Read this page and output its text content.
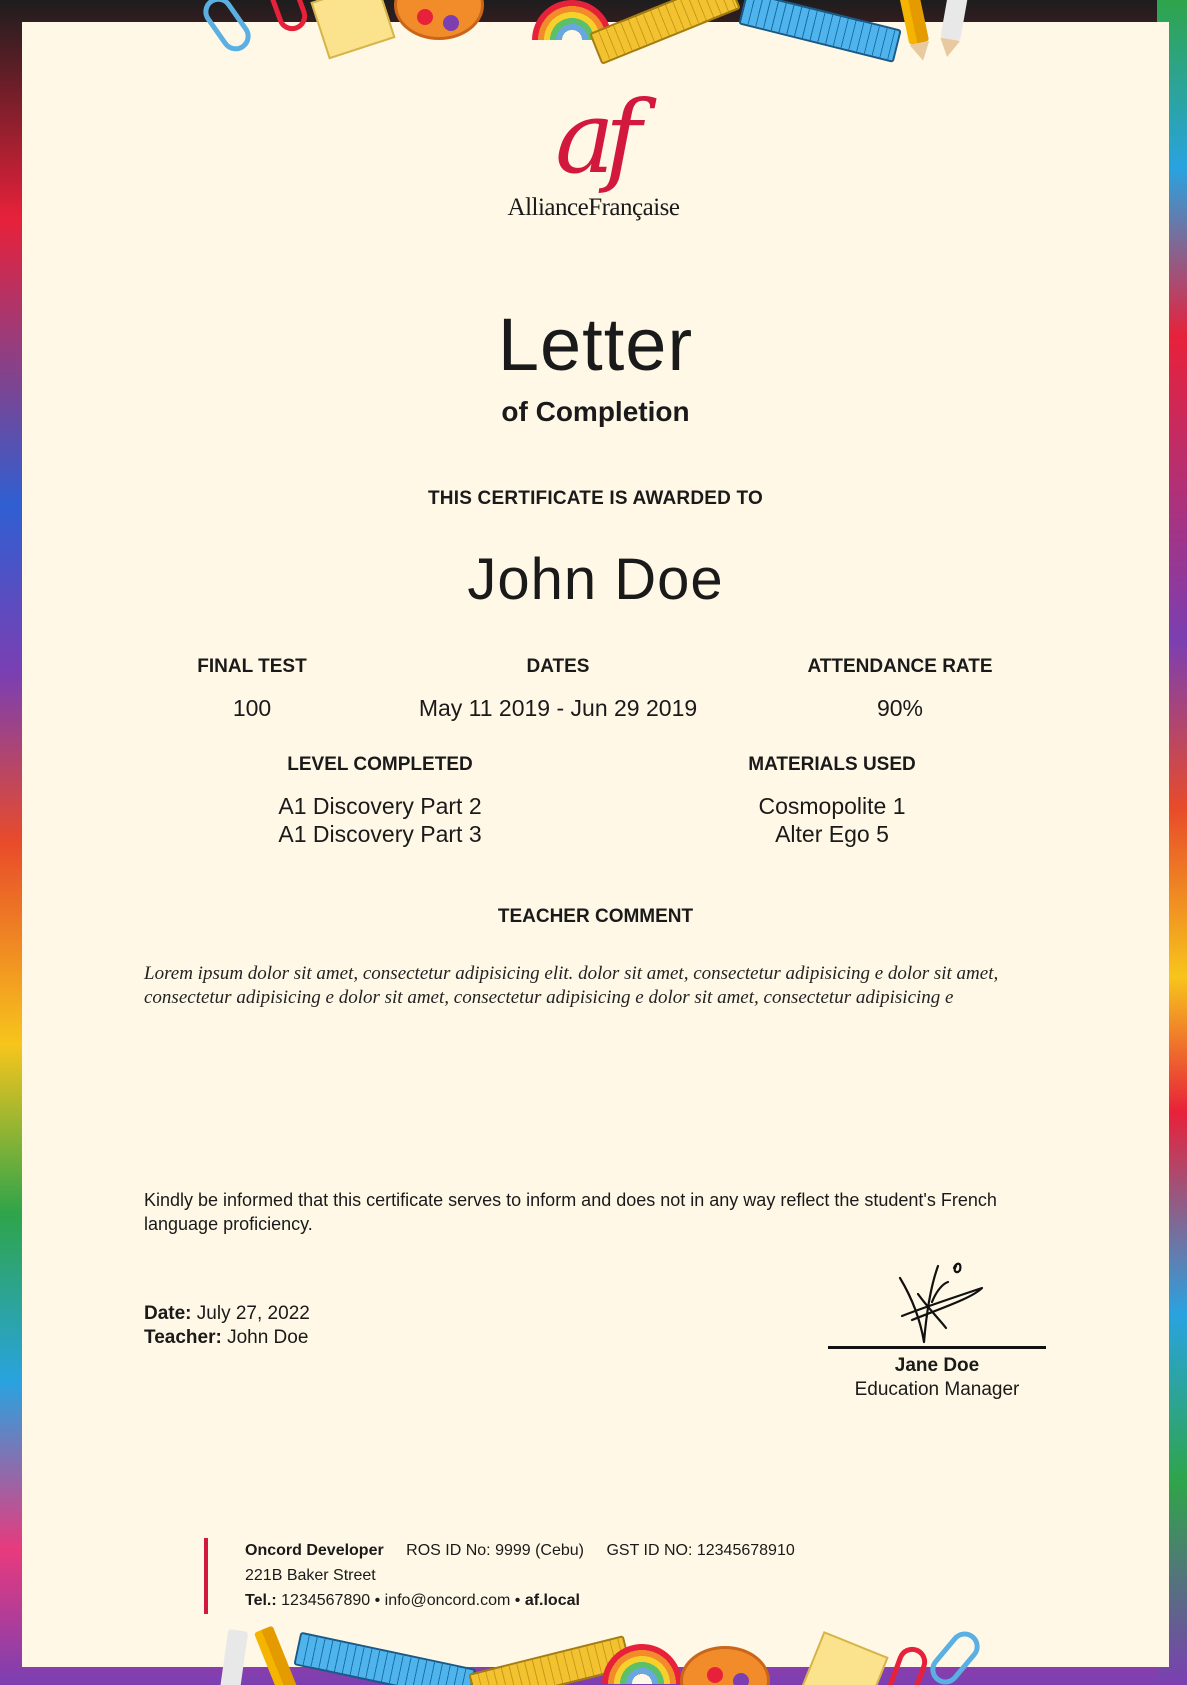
af
AllianceFrançaise
Letter
of Completion
THIS CERTIFICATE IS AWARDED TO
John Doe
FINAL TEST
100
DATES
May 11 2019 - Jun 29 2019
ATTENDANCE RATE
90%
LEVEL COMPLETED
A1 Discovery Part 2
A1 Discovery Part 3
MATERIALS USED
Cosmopolite 1
Alter Ego 5
TEACHER COMMENT
Lorem ipsum dolor sit amet, consectetur adipisicing elit. dolor sit amet, consectetur adipisicing e dolor sit amet, consectetur adipisicing e dolor sit amet, consectetur adipisicing e dolor sit amet, consectetur adipisicing e
Kindly be informed that this certificate serves to inform and does not in any way reflect the student's French language proficiency.
Date: July 27, 2022
Teacher: John Doe
Jane Doe
Education Manager
Oncord Developer ROS ID No: 9999 (Cebu) GST ID NO: 12345678910
221B Baker Street
Tel.: 1234567890 • info@oncord.com • af.local
